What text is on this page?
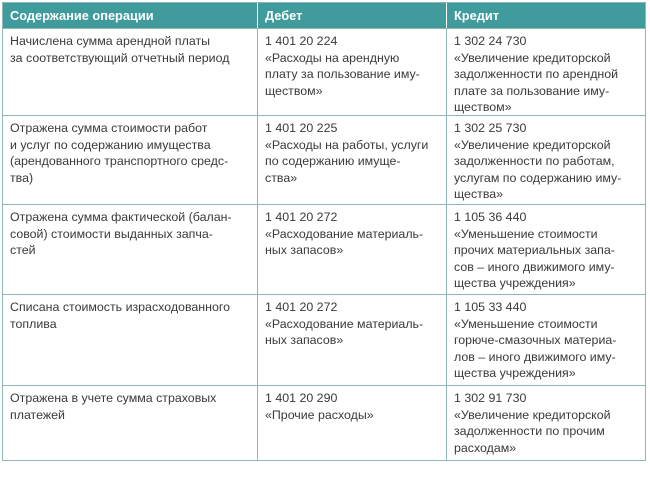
Содержание операции	Дебет	Кредит
Начислена сумма арендной платы
за соответствующий отчетный период
1 401 20 224
«Расходы на арендную
плату за пользование иму-
ществом»
1 302 24 730
«Увеличение кредиторской
задолженности по арендной
плате за пользование иму-
ществом»
Отражена сумма стоимости работ
и услуг по содержанию имущества
(арендованного транспортного средс-
тва)
1 401 20 225
«Расходы на работы, услуги
по содержанию имуще-
ства»
1 302 25 730
«Увеличение кредиторской
задолженности по работам,
услугам по содержанию иму-
щества»
Отражена сумма фактической (балан-
совой) стоимости выданных запча-
стей
1 401 20 272
«Расходование материаль-
ных запасов»
1 105 36 440
«Уменьшение стоимости
прочих материальных запа-
сов – иного движимого иму-
щества учреждения»
Списана стоимость израсходованного
топлива
1 401 20 272
«Расходование материаль-
ных запасов»
1 105 33 440
«Уменьшение стоимости
горюче-смазочных материа-
лов – иного движимого иму-
щества учреждения»
Отражена в учете сумма страховых
платежей
1 401 20 290
«Прочие расходы»
1 302 91 730
«Увеличение кредиторской
задолженности по прочим
расходам»
